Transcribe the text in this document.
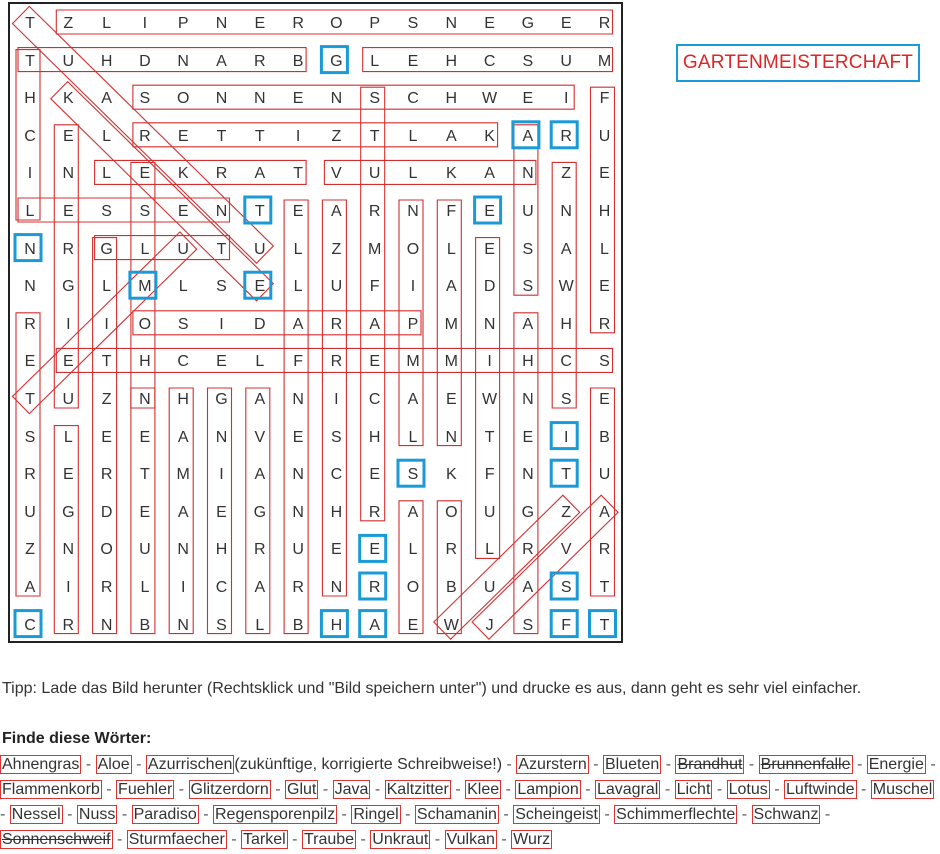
T	Z	L	I	P	N	E	R	O	P	S	N	E	G	E	R
T	U	H	D	N	A	R	B	G	L	E	H	C	S	U	M
H	K	A	S	O	N	N	E	N	S	C	H	W	E	I	F
C	E	L	R	E	T	T	I	Z	T	L	A	K	A	R	U
I	N	L	E	K	R	A	T	V	U	L	K	A	N	Z	E
L	E	S	S	E	N	T	E	A	R	N	F	E	U	N	H
N	R	G	L	U	T	U	L	Z	M	O	L	E	S	A	L
N	G	L	M	L	S	E	L	U	F	I	A	D	S	W	E
R	I	I	O	S	I	D	A	R	A	P	M	N	A	H	R
E	E	T	H	C	E	L	F	R	E	M	M	I	H	C	S
T	U	Z	N	H	G	A	N	I	C	A	E	W	N	S	E
S	L	E	E	A	N	V	E	S	H	L	N	T	E	I	B
R	E	R	T	M	I	A	N	C	E	S	K	F	N	T	U
U	G	D	E	A	E	G	N	H	R	A	O	U	G	Z	A
Z	N	O	U	N	H	R	U	E	E	L	R	L	R	V	R
A	I	R	L	I	C	A	R	N	R	O	B	U	A	S	T
C	R	N	B	N	S	L	B	H	A	E	W	J	S	F	T
GARTENMEISTERCHAFT
Tipp: Lade das Bild herunter (Rechtsklick und "Bild speichern unter") und drucke es aus, dann geht es sehr viel einfacher.
Finde diese Wörter:
Ahnengras - Aloe - Azurrischen (zukünftige, korrigierte Schreibweise!) - Azurstern - Blueten - Brandhut - Brunnenfalle - Energie - Flammenkorb - Fuehler - Glitzerdorn - Glut - Java - Kaltzitter - Klee - Lampion - Lavagral - Licht - Lotus - Luftwinde - Muschel - Nessel - Nuss - Paradiso - Regensporenpilz - Ringel - Schamanin - Scheingeist - Schimmerflechte - Schwanz - Sonnenschweif - Sturmfaecher - Tarkel - Traube - Unkraut - Vulkan - Wurz
